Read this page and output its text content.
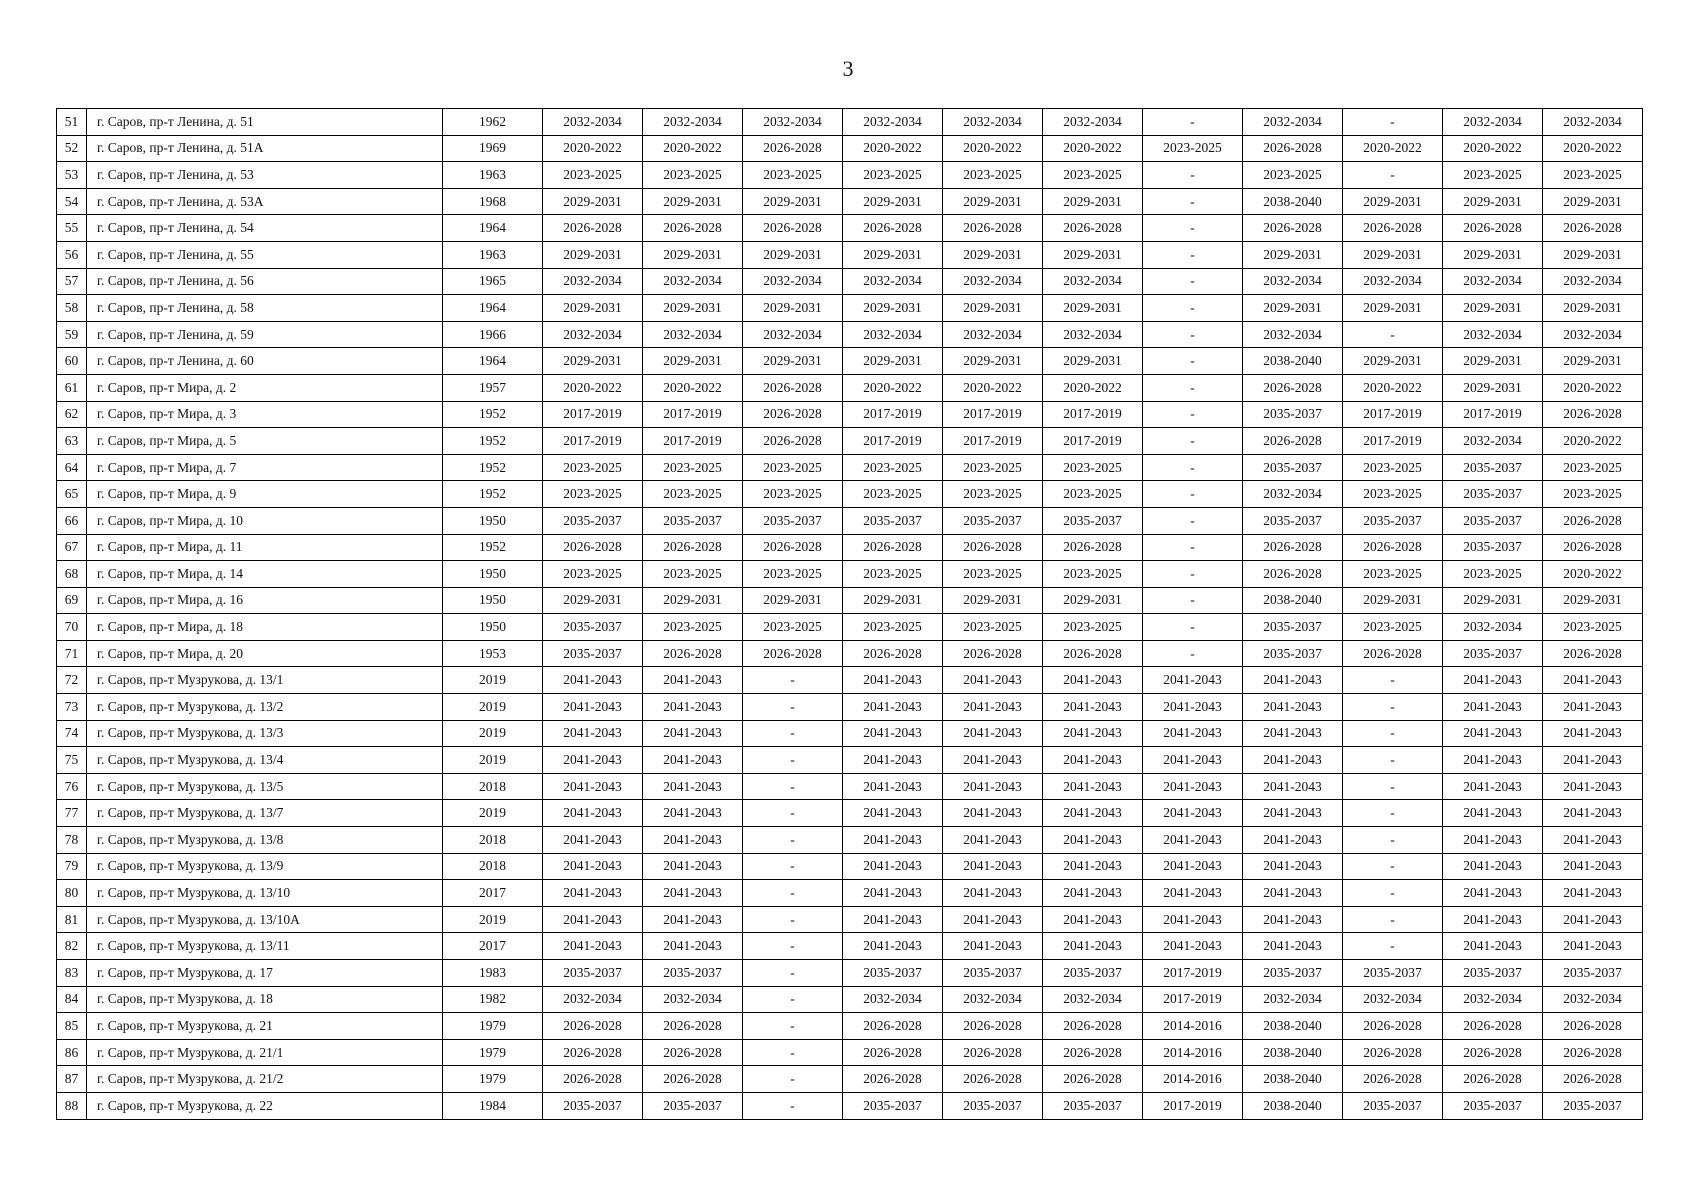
3
51	г. Саров, пр-т Ленина, д. 51	1962	2032-2034	2032-2034	2032-2034	2032-2034	2032-2034	2032-2034	-	2032-2034	-	2032-2034	2032-2034
52	г. Саров, пр-т Ленина, д. 51А	1969	2020-2022	2020-2022	2026-2028	2020-2022	2020-2022	2020-2022	2023-2025	2026-2028	2020-2022	2020-2022	2020-2022
53	г. Саров, пр-т Ленина, д. 53	1963	2023-2025	2023-2025	2023-2025	2023-2025	2023-2025	2023-2025	-	2023-2025	-	2023-2025	2023-2025
54	г. Саров, пр-т Ленина, д. 53А	1968	2029-2031	2029-2031	2029-2031	2029-2031	2029-2031	2029-2031	-	2038-2040	2029-2031	2029-2031	2029-2031
55	г. Саров, пр-т Ленина, д. 54	1964	2026-2028	2026-2028	2026-2028	2026-2028	2026-2028	2026-2028	-	2026-2028	2026-2028	2026-2028	2026-2028
56	г. Саров, пр-т Ленина, д. 55	1963	2029-2031	2029-2031	2029-2031	2029-2031	2029-2031	2029-2031	-	2029-2031	2029-2031	2029-2031	2029-2031
57	г. Саров, пр-т Ленина, д. 56	1965	2032-2034	2032-2034	2032-2034	2032-2034	2032-2034	2032-2034	-	2032-2034	2032-2034	2032-2034	2032-2034
58	г. Саров, пр-т Ленина, д. 58	1964	2029-2031	2029-2031	2029-2031	2029-2031	2029-2031	2029-2031	-	2029-2031	2029-2031	2029-2031	2029-2031
59	г. Саров, пр-т Ленина, д. 59	1966	2032-2034	2032-2034	2032-2034	2032-2034	2032-2034	2032-2034	-	2032-2034	-	2032-2034	2032-2034
60	г. Саров, пр-т Ленина, д. 60	1964	2029-2031	2029-2031	2029-2031	2029-2031	2029-2031	2029-2031	-	2038-2040	2029-2031	2029-2031	2029-2031
61	г. Саров, пр-т Мира, д. 2	1957	2020-2022	2020-2022	2026-2028	2020-2022	2020-2022	2020-2022	-	2026-2028	2020-2022	2029-2031	2020-2022
62	г. Саров, пр-т Мира, д. 3	1952	2017-2019	2017-2019	2026-2028	2017-2019	2017-2019	2017-2019	-	2035-2037	2017-2019	2017-2019	2026-2028
63	г. Саров, пр-т Мира, д. 5	1952	2017-2019	2017-2019	2026-2028	2017-2019	2017-2019	2017-2019	-	2026-2028	2017-2019	2032-2034	2020-2022
64	г. Саров, пр-т Мира, д. 7	1952	2023-2025	2023-2025	2023-2025	2023-2025	2023-2025	2023-2025	-	2035-2037	2023-2025	2035-2037	2023-2025
65	г. Саров, пр-т Мира, д. 9	1952	2023-2025	2023-2025	2023-2025	2023-2025	2023-2025	2023-2025	-	2032-2034	2023-2025	2035-2037	2023-2025
66	г. Саров, пр-т Мира, д. 10	1950	2035-2037	2035-2037	2035-2037	2035-2037	2035-2037	2035-2037	-	2035-2037	2035-2037	2035-2037	2026-2028
67	г. Саров, пр-т Мира, д. 11	1952	2026-2028	2026-2028	2026-2028	2026-2028	2026-2028	2026-2028	-	2026-2028	2026-2028	2035-2037	2026-2028
68	г. Саров, пр-т Мира, д. 14	1950	2023-2025	2023-2025	2023-2025	2023-2025	2023-2025	2023-2025	-	2026-2028	2023-2025	2023-2025	2020-2022
69	г. Саров, пр-т Мира, д. 16	1950	2029-2031	2029-2031	2029-2031	2029-2031	2029-2031	2029-2031	-	2038-2040	2029-2031	2029-2031	2029-2031
70	г. Саров, пр-т Мира, д. 18	1950	2035-2037	2023-2025	2023-2025	2023-2025	2023-2025	2023-2025	-	2035-2037	2023-2025	2032-2034	2023-2025
71	г. Саров, пр-т Мира, д. 20	1953	2035-2037	2026-2028	2026-2028	2026-2028	2026-2028	2026-2028	-	2035-2037	2026-2028	2035-2037	2026-2028
72	г. Саров, пр-т Музрукова, д. 13/1	2019	2041-2043	2041-2043	-	2041-2043	2041-2043	2041-2043	2041-2043	2041-2043	-	2041-2043	2041-2043
73	г. Саров, пр-т Музрукова, д. 13/2	2019	2041-2043	2041-2043	-	2041-2043	2041-2043	2041-2043	2041-2043	2041-2043	-	2041-2043	2041-2043
74	г. Саров, пр-т Музрукова, д. 13/3	2019	2041-2043	2041-2043	-	2041-2043	2041-2043	2041-2043	2041-2043	2041-2043	-	2041-2043	2041-2043
75	г. Саров, пр-т Музрукова, д. 13/4	2019	2041-2043	2041-2043	-	2041-2043	2041-2043	2041-2043	2041-2043	2041-2043	-	2041-2043	2041-2043
76	г. Саров, пр-т Музрукова, д. 13/5	2018	2041-2043	2041-2043	-	2041-2043	2041-2043	2041-2043	2041-2043	2041-2043	-	2041-2043	2041-2043
77	г. Саров, пр-т Музрукова, д. 13/7	2019	2041-2043	2041-2043	-	2041-2043	2041-2043	2041-2043	2041-2043	2041-2043	-	2041-2043	2041-2043
78	г. Саров, пр-т Музрукова, д. 13/8	2018	2041-2043	2041-2043	-	2041-2043	2041-2043	2041-2043	2041-2043	2041-2043	-	2041-2043	2041-2043
79	г. Саров, пр-т Музрукова, д. 13/9	2018	2041-2043	2041-2043	-	2041-2043	2041-2043	2041-2043	2041-2043	2041-2043	-	2041-2043	2041-2043
80	г. Саров, пр-т Музрукова, д. 13/10	2017	2041-2043	2041-2043	-	2041-2043	2041-2043	2041-2043	2041-2043	2041-2043	-	2041-2043	2041-2043
81	г. Саров, пр-т Музрукова, д. 13/10А	2019	2041-2043	2041-2043	-	2041-2043	2041-2043	2041-2043	2041-2043	2041-2043	-	2041-2043	2041-2043
82	г. Саров, пр-т Музрукова, д. 13/11	2017	2041-2043	2041-2043	-	2041-2043	2041-2043	2041-2043	2041-2043	2041-2043	-	2041-2043	2041-2043
83	г. Саров, пр-т Музрукова, д. 17	1983	2035-2037	2035-2037	-	2035-2037	2035-2037	2035-2037	2017-2019	2035-2037	2035-2037	2035-2037	2035-2037
84	г. Саров, пр-т Музрукова, д. 18	1982	2032-2034	2032-2034	-	2032-2034	2032-2034	2032-2034	2017-2019	2032-2034	2032-2034	2032-2034	2032-2034
85	г. Саров, пр-т Музрукова, д. 21	1979	2026-2028	2026-2028	-	2026-2028	2026-2028	2026-2028	2014-2016	2038-2040	2026-2028	2026-2028	2026-2028
86	г. Саров, пр-т Музрукова, д. 21/1	1979	2026-2028	2026-2028	-	2026-2028	2026-2028	2026-2028	2014-2016	2038-2040	2026-2028	2026-2028	2026-2028
87	г. Саров, пр-т Музрукова, д. 21/2	1979	2026-2028	2026-2028	-	2026-2028	2026-2028	2026-2028	2014-2016	2038-2040	2026-2028	2026-2028	2026-2028
88	г. Саров, пр-т Музрукова, д. 22	1984	2035-2037	2035-2037	-	2035-2037	2035-2037	2035-2037	2017-2019	2038-2040	2035-2037	2035-2037	2035-2037
